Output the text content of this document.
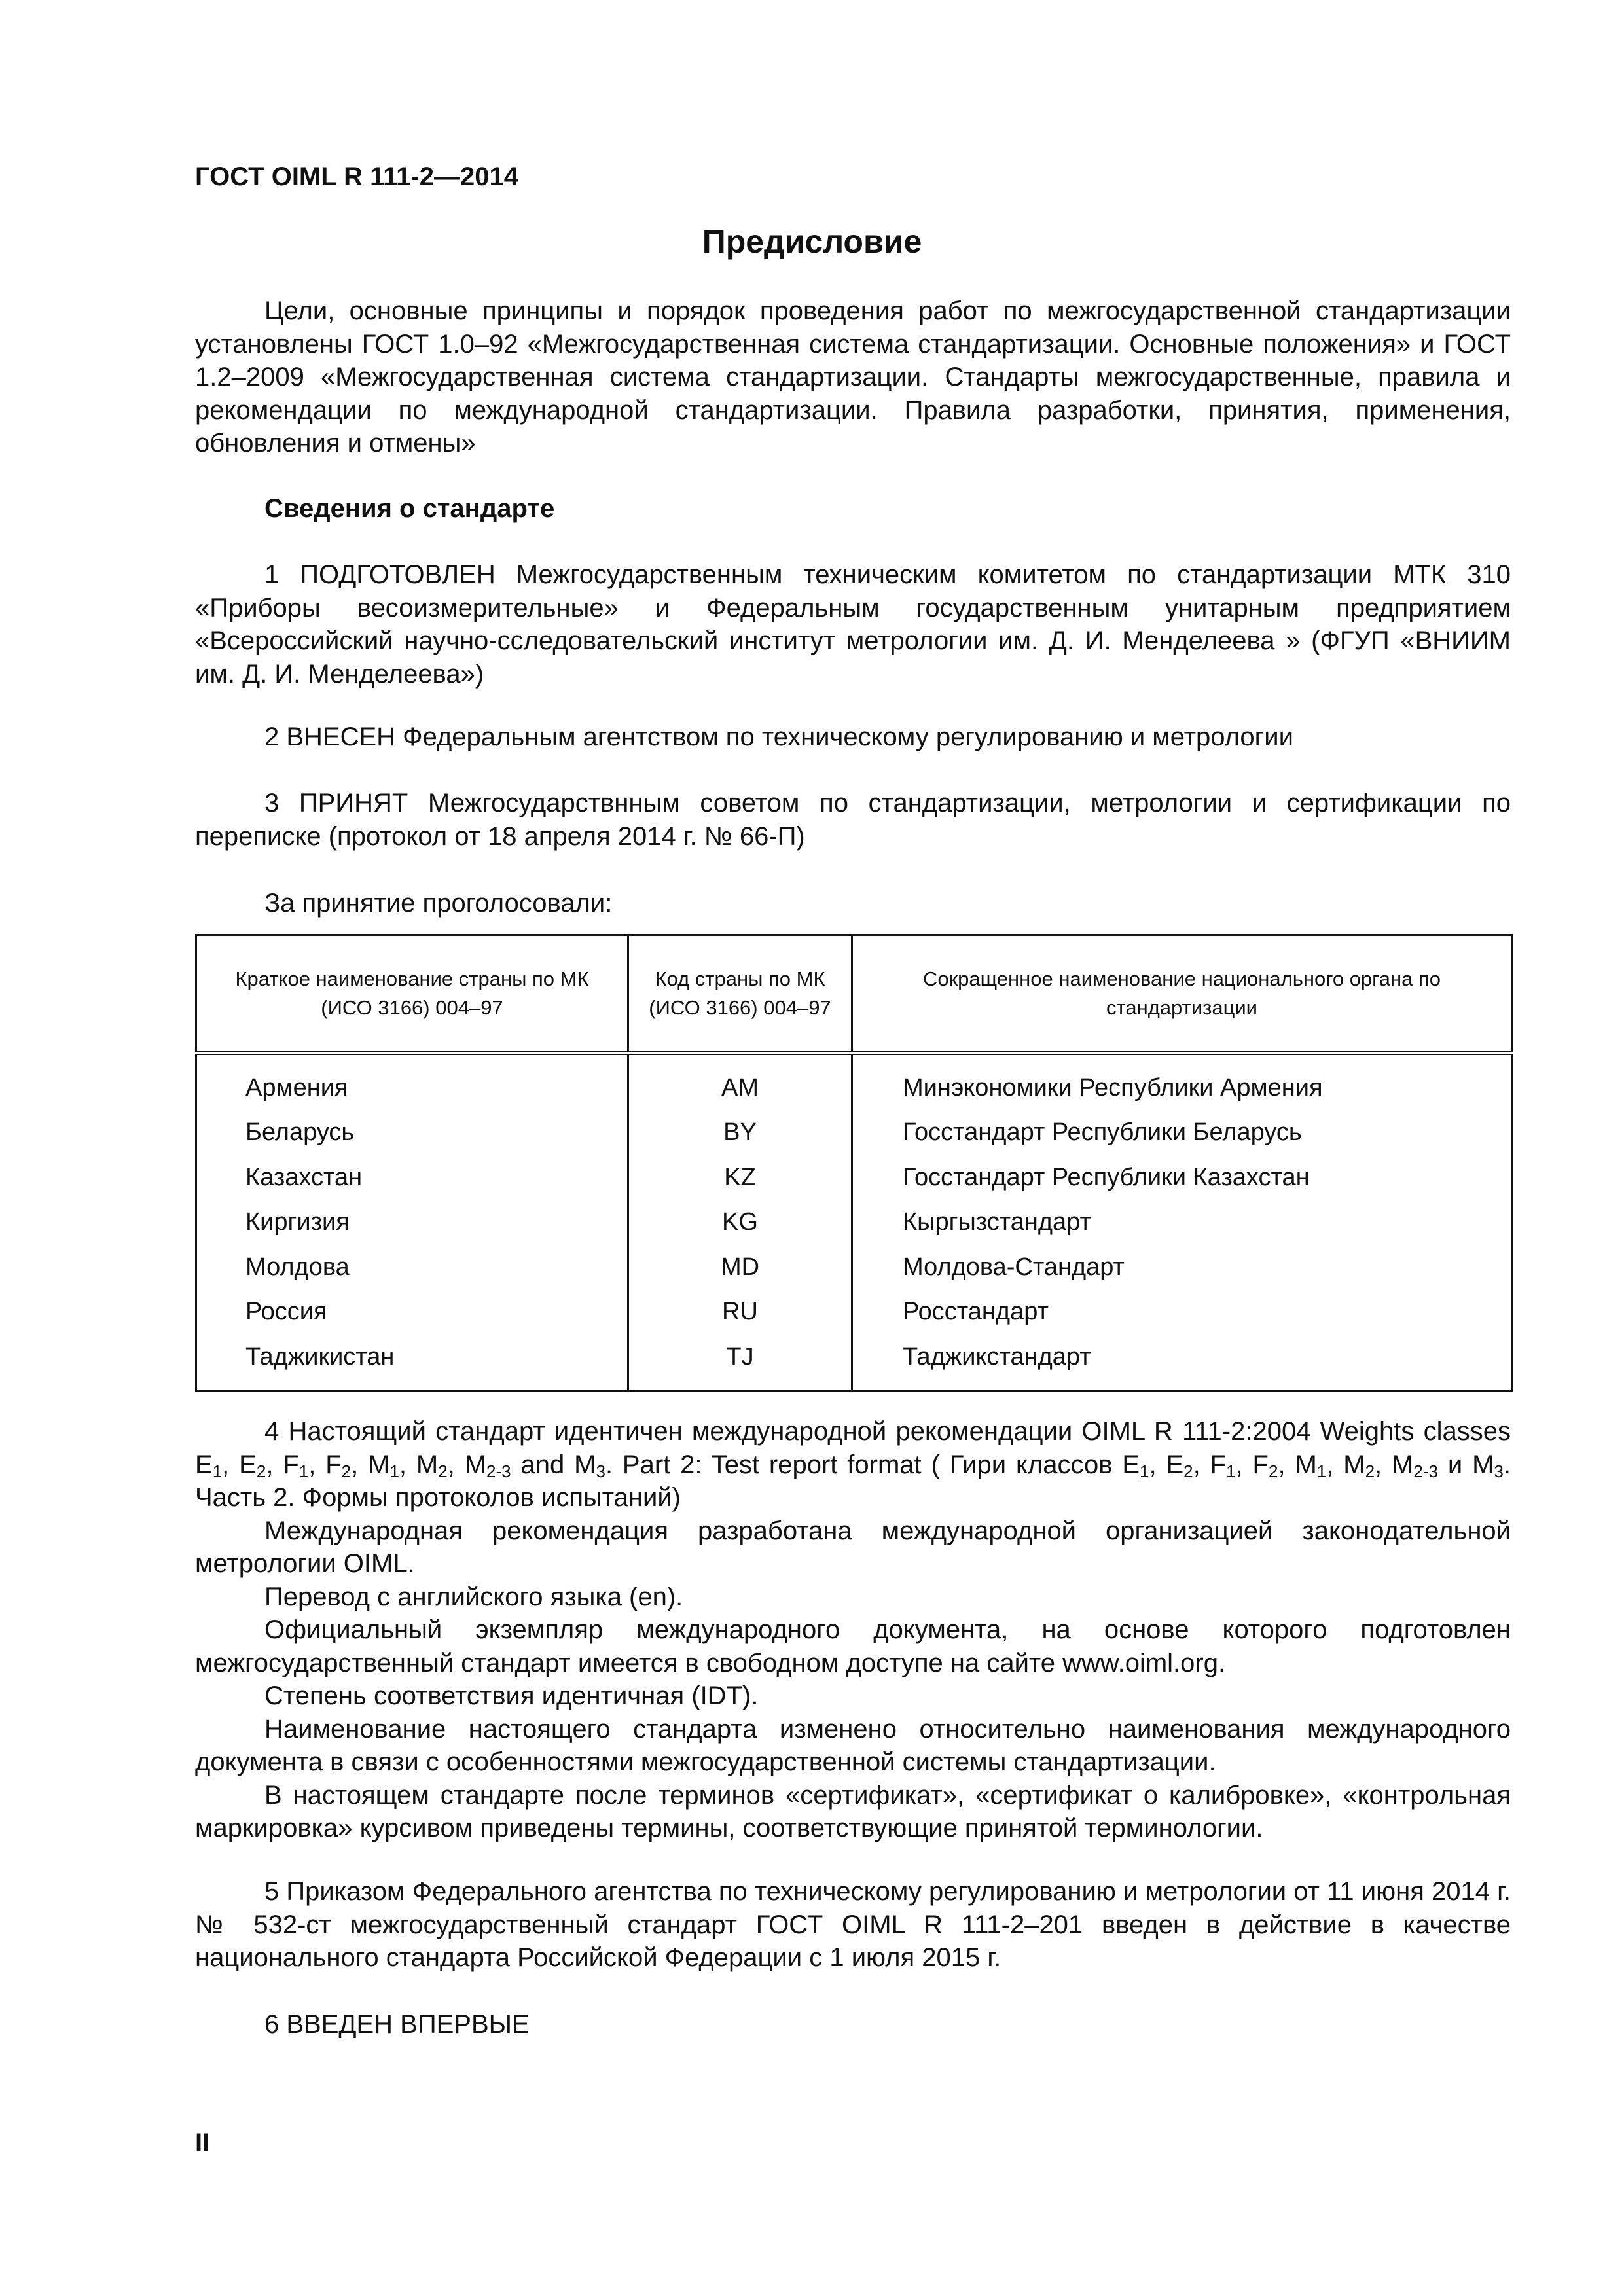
ГОСТ OIML R 111-2—2014
Предисловие

Цели, основные принципы и порядок проведения работ по межгосударственной стандартизации установлены ГОСТ 1.0–92 «Межгосударственная система стандартизации. Основные положения» и ГОСТ 1.2–2009 «Межгосударственная система стандартизации. Стандарты межгосударственные, правила и рекомендации по международной стандартизации. Правила разработки, принятия, применения, обновления и отмены»

Сведения о стандарте

1 ПОДГОТОВЛЕН Межгосударственным техническим комитетом по стандартизации МТК 310 «Приборы весоизмерительные» и Федеральным государственным унитарным предприятием «Всероссийский научно-сследовательский институт метрологии им. Д. И. Менделеева » (ФГУП «ВНИИМ им. Д. И. Менделеева»)

2 ВНЕСЕН Федеральным агентством по техническому регулированию и метрологии

3 ПРИНЯТ Межгосударствнным советом по стандартизации, метрологии и сертификации по переписке (протокол от 18 апреля 2014 г. № 66-П)

За принятие проголосовали:

Краткое наименование страны по МК (ИСО 3166) 004–97	Код страны по МК (ИСО 3166) 004–97	Сокращенное наименование национального органа по стандартизации
Армения	AM	Минэкономики Республики Армения
Беларусь	BY	Госстандарт Республики Беларусь
Казахстан	KZ	Госстандарт Республики Казахстан
Киргизия	KG	Кыргызстандарт
Молдова	MD	Молдова-Стандарт
Россия	RU	Росстандарт
Таджикистан	TJ	Таджикстандарт

4 Настоящий стандарт идентичен международной рекомендации OIML R 111-2:2004 Weights classes $E_1$, $E_2$, $F_1$, $F_2$, $M_1$, $M_2$, $M_{2-3}$ and $M_3$. Part 2: Test report format ( Гири классов $E_1$, $E_2$, $F_1$, $F_2$, $M_1$, $M_2$, $M_{2-3}$ и $M_3$. Часть 2. Формы протоколов испытаний)

Международная рекомендация разработана международной организацией законодательной метрологии OIML.

Перевод с английского языка (en).

Официальный экземпляр международного документа, на основе которого подготовлен межгосударственный стандарт имеется в свободном доступе на сайте www.oiml.org.

Степень соответствия идентичная (IDT).

Наименование настоящего стандарта изменено относительно наименования международного документа в связи с особенностями межгосударственной системы стандартизации.

В настоящем стандарте после терминов «сертификат», «сертификат о калибровке», «контрольная маркировка» курсивом приведены термины, соответствующие принятой терминологии.

5 Приказом Федерального агентства по техническому регулированию и метрологии от 11 июня 2014 г. № 532-ст межгосударственный стандарт ГОСТ OIML R 111-2–201 введен в действие в качестве национального стандарта Российской Федерации с 1 июля 2015 г.

6 ВВЕДЕН ВПЕРВЫЕ

II
